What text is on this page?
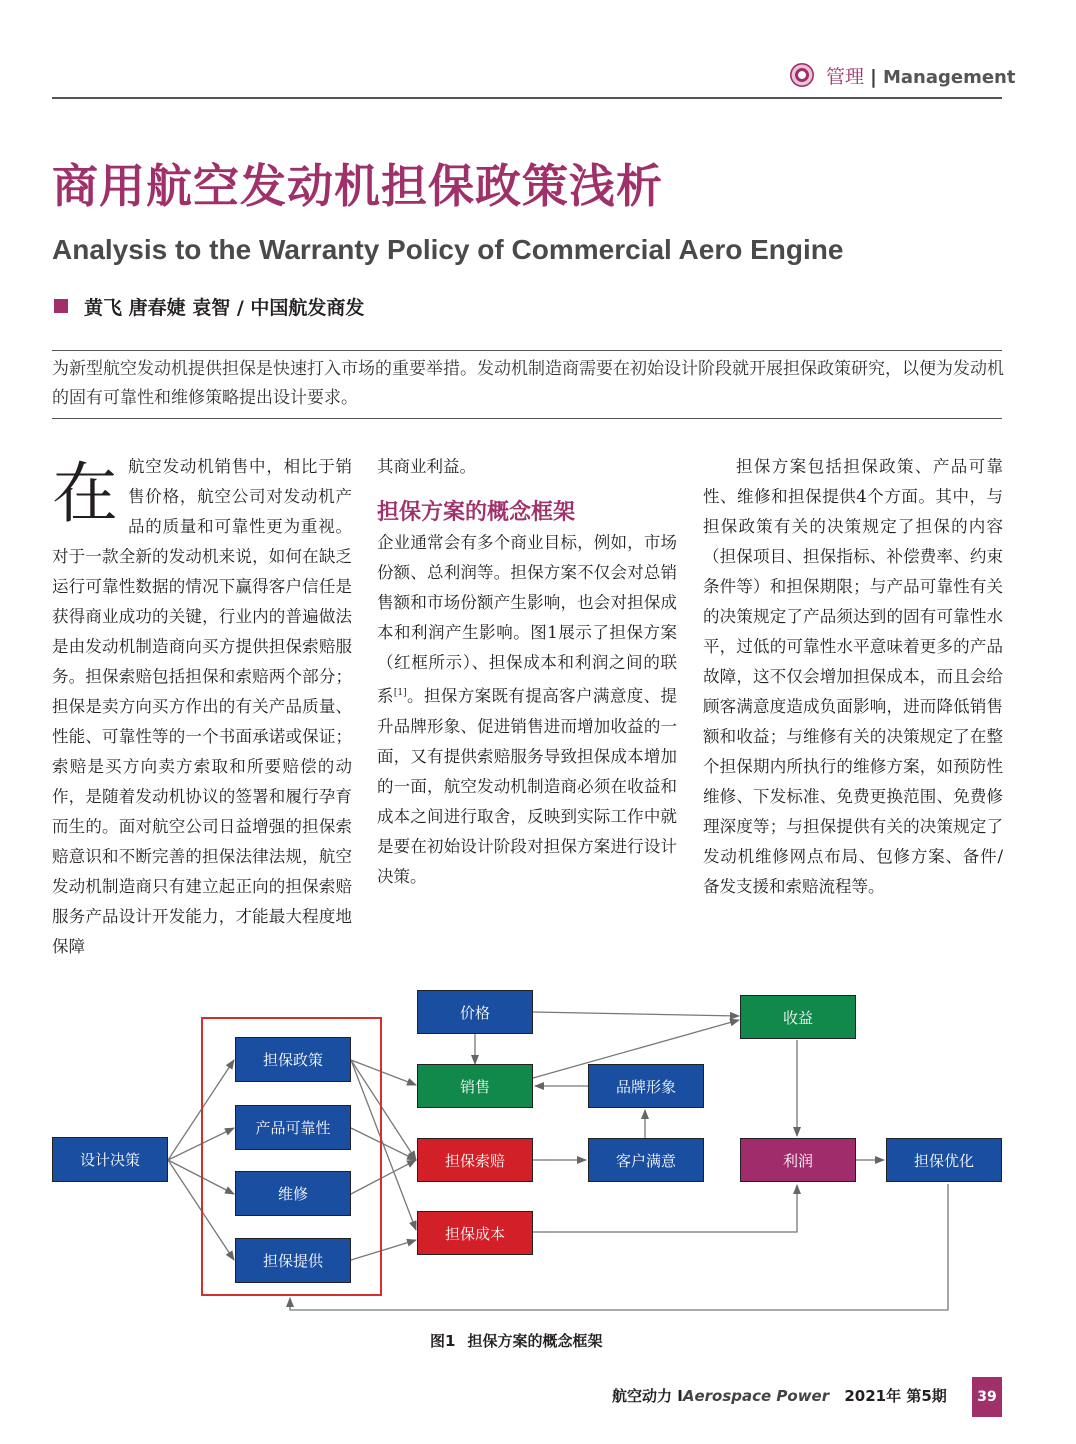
管理 | Management
商用航空发动机担保政策浅析
Analysis to the Warranty Policy of Commercial Aero Engine
黄飞 唐春婕 袁智 / 中国航发商发
为新型航空发动机提供担保是快速打入市场的重要举措。发动机制造商需要在初始设计阶段就开展担保政策研究，以便为发动机的固有可靠性和维修策略提出设计要求。
在航空发动机销售中，相比于销售价格，航空公司对发动机产品的质量和可靠性更为重视。对于一款全新的发动机来说，如何在缺乏运行可靠性数据的情况下赢得客户信任是获得商业成功的关键，行业内的普遍做法是由发动机制造商向买方提供担保索赔服务。担保索赔包括担保和索赔两个部分；担保是卖方向买方作出的有关产品质量、性能、可靠性等的一个书面承诺或保证；索赔是买方向卖方索取和所要赔偿的动作，是随着发动机协议的签署和履行孕育而生的。面对航空公司日益增强的担保索赔意识和不断完善的担保法律法规，航空发动机制造商只有建立起正向的担保索赔服务产品设计开发能力，才能最大程度地保障
其商业利益。
担保方案的概念框架
企业通常会有多个商业目标，例如，市场份额、总利润等。担保方案不仅会对总销售额和市场份额产生影响，也会对担保成本和利润产生影响。图1展示了担保方案（红框所示）、担保成本和利润之间的联系[1]。担保方案既有提高客户满意度、提升品牌形象、促进销售进而增加收益的一面，又有提供索赔服务导致担保成本增加的一面，航空发动机制造商必须在收益和成本之间进行取舍，反映到实际工作中就是要在初始设计阶段对担保方案进行设计决策。
担保方案包括担保政策、产品可靠性、维修和担保提供4个方面。其中，与担保政策有关的决策规定了担保的内容（担保项目、担保指标、补偿费率、约束条件等）和担保期限；与产品可靠性有关的决策规定了产品须达到的固有可靠性水平，过低的可靠性水平意味着更多的产品故障，这不仅会增加担保成本，而且会给顾客满意度造成负面影响，进而降低销售额和收益；与维修有关的决策规定了在整个担保期内所执行的维修方案，如预防性维修、下发标准、免费更换范围、免费修理深度等；与担保提供有关的决策规定了发动机维修网点布局、包修方案、备件/备发支援和索赔流程等。
设计决策
担保政策
产品可靠性
维修
担保提供
价格
销售
担保索赔
担保成本
品牌形象
客户满意
收益
利润	担保优化
图1 担保方案的概念框架
航空动力 IAerospace Power 2021年 第5期	39
